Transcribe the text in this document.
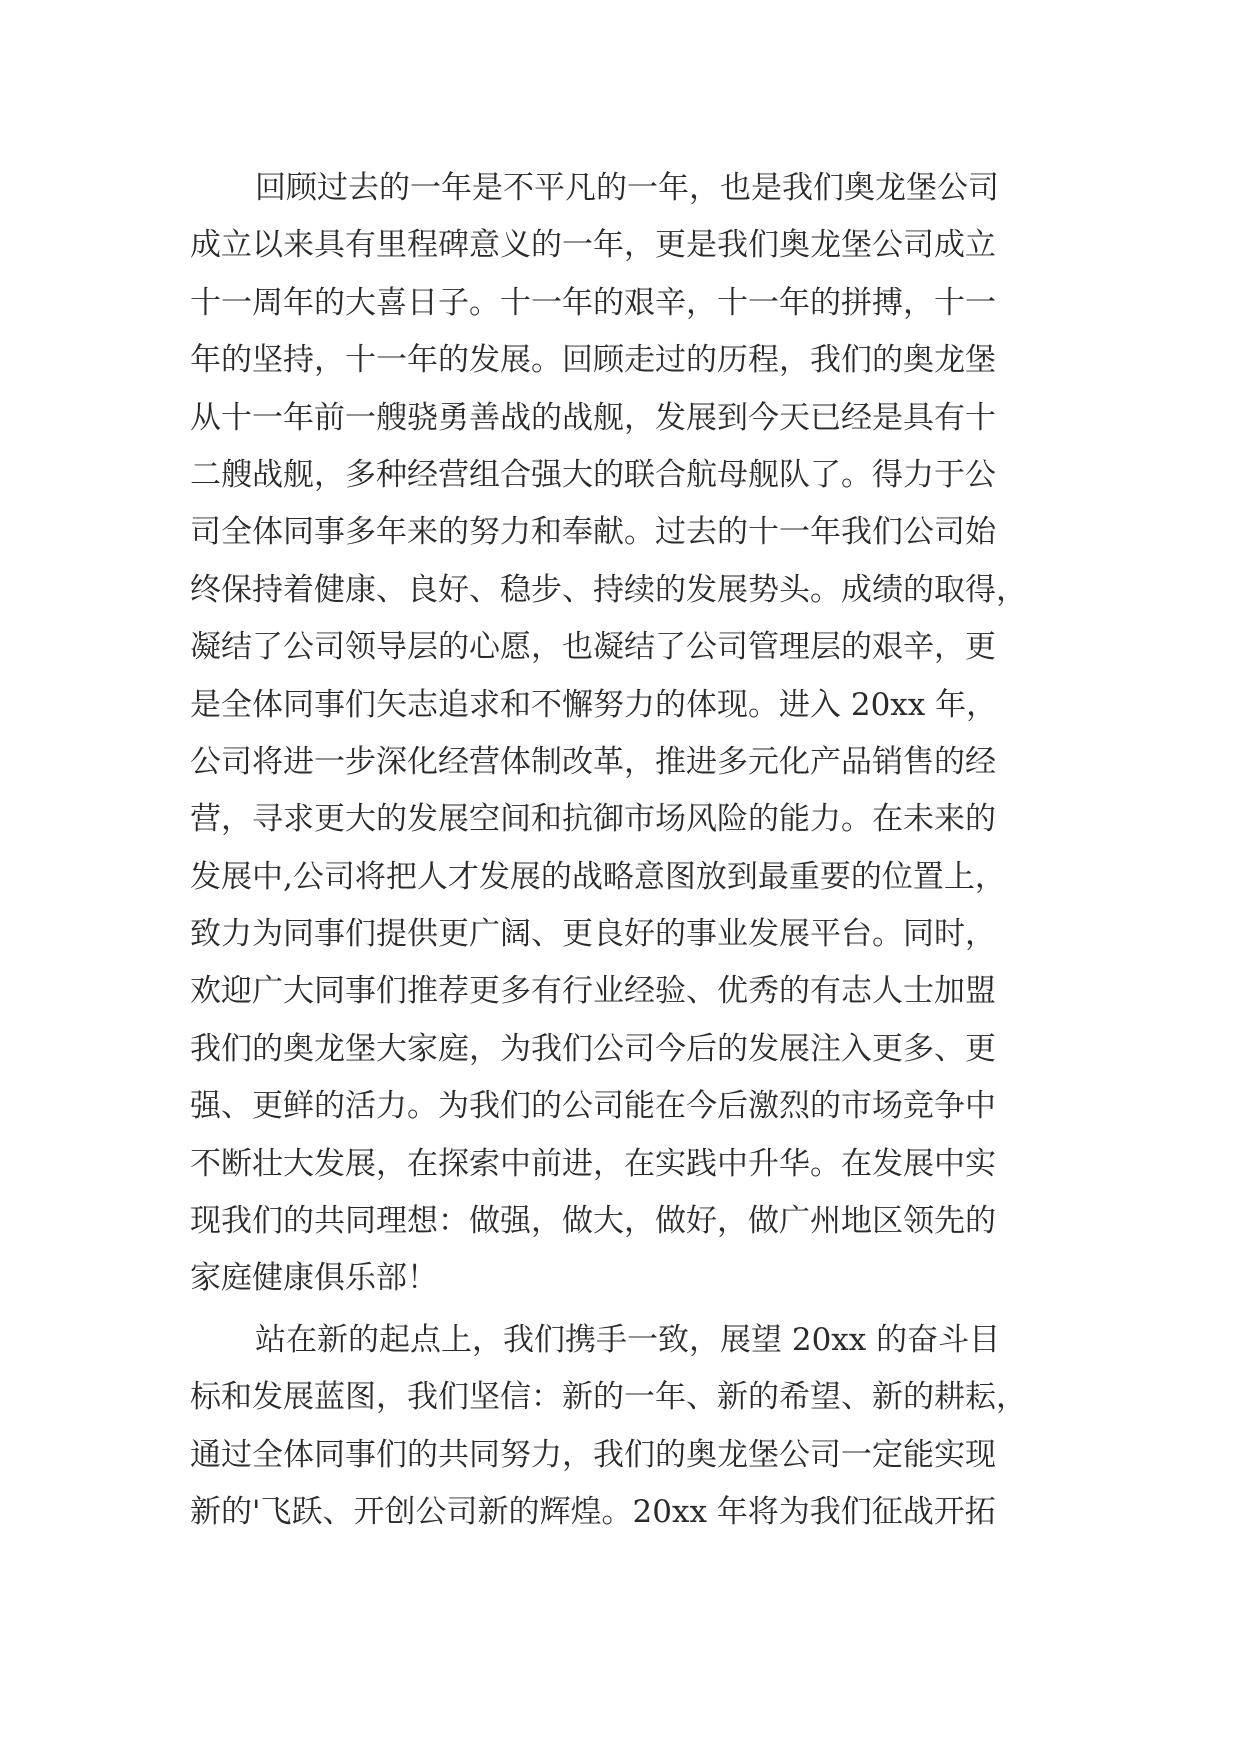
回顾过去的一年是不平凡的一年，也是我们奥龙堡公司
成立以来具有里程碑意义的一年，更是我们奥龙堡公司成立
十一周年的大喜日子。十一年的艰辛，十一年的拼搏，十一
年的坚持，十一年的发展。回顾走过的历程，我们的奥龙堡
从十一年前一艘骁勇善战的战舰，发展到今天已经是具有十
二艘战舰，多种经营组合强大的联合航母舰队了。得力于公
司全体同事多年来的努力和奉献。过去的十一年我们公司始
终保持着健康、良好、稳步、持续的发展势头。成绩的取得，
凝结了公司领导层的心愿，也凝结了公司管理层的艰辛，更
是全体同事们矢志追求和不懈努力的体现。进入 20xx 年，
公司将进一步深化经营体制改革，推进多元化产品销售的经
营，寻求更大的发展空间和抗御市场风险的能力。在未来的
发展中,公司将把人才发展的战略意图放到最重要的位置上，
致力为同事们提供更广阔、更良好的事业发展平台。同时，
欢迎广大同事们推荐更多有行业经验、优秀的有志人士加盟
我们的奥龙堡大家庭，为我们公司今后的发展注入更多、更
强、更鲜的活力。为我们的公司能在今后激烈的市场竞争中
不断壮大发展，在探索中前进，在实践中升华。在发展中实
现我们的共同理想：做强，做大，做好，做广州地区领先的
家庭健康俱乐部！
站在新的起点上，我们携手一致，展望 20xx 的奋斗目
标和发展蓝图，我们坚信：新的一年、新的希望、新的耕耘，
通过全体同事们的共同努力，我们的奥龙堡公司一定能实现
新的'飞跃、开创公司新的辉煌。20xx 年将为我们征战开拓
